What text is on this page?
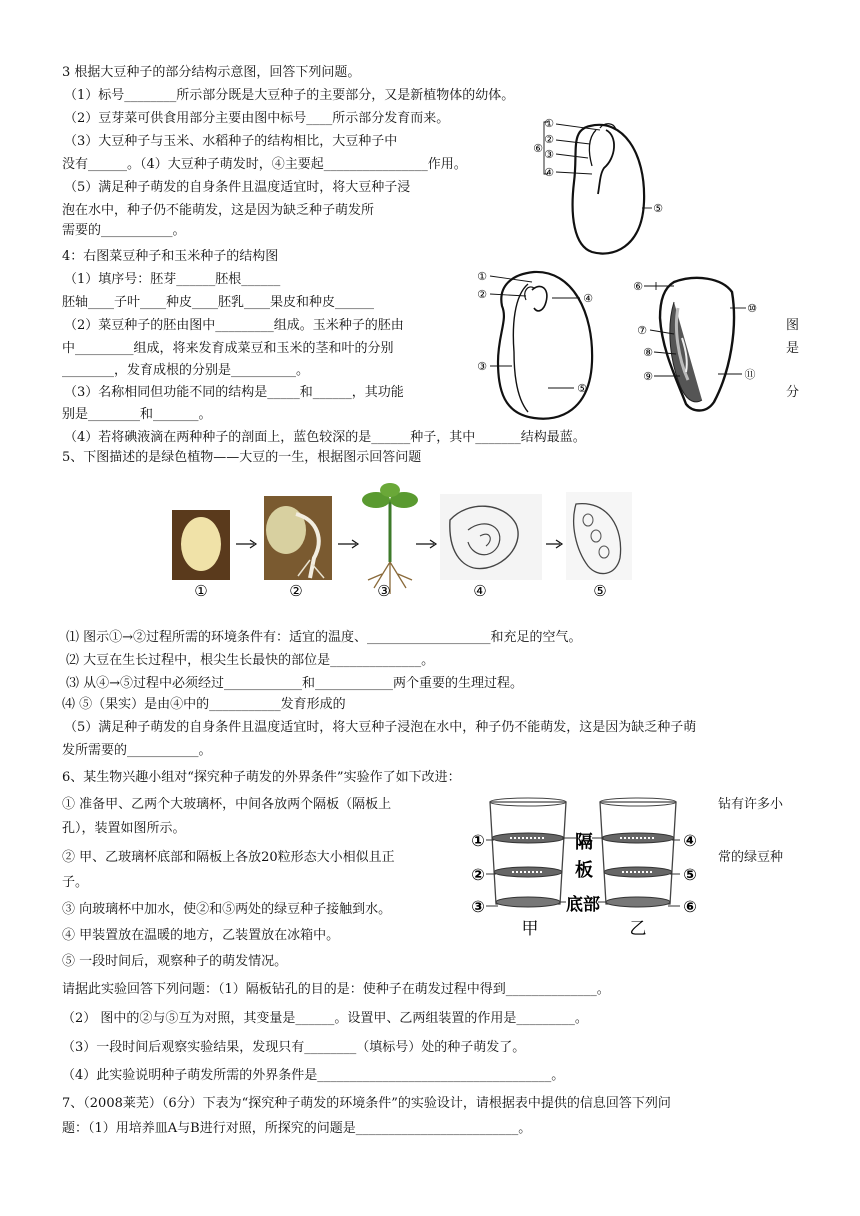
3 根据大豆种子的部分结构示意图，回答下列问题。
（1）标号________所示部分既是大豆种子的主要部分，又是新植物体的幼体。
（2）豆芽菜可供食用部分主要由图中标号____所示部分发育而来。
（3）大豆种子与玉米、水稻种子的结构相比，大豆种子中
没有______。（4）大豆种子萌发时，④主要起________________作用。
（5）满足种子萌发的自身条件且温度适宜时，将大豆种子浸
泡在水中，种子仍不能萌发，这是因为缺乏种子萌发所
需要的___________。
①
②
③
④
⑤
⑥
4：右图菜豆种子和玉米种子的结构图
（1）填序号：胚芽______胚根______
胚轴____子叶____种皮____胚乳____果皮和种皮______
（2）菜豆种子的胚由图中_________组成。玉米种子的胚由
中_________组成，将来发育成菜豆和玉米的茎和叶的分别
________，发育成根的分别是__________。
（3）名称相同但功能不同的结构是_____和______，其功能
别是________和_______。
（4）若将碘液滴在两种种子的剖面上，蓝色较深的是______种子，其中_______结构最蓝。
图
是
分
①
②
③
④
⑤
⑥
⑦
⑧
⑨
⑩
⑪
5、下图描述的是绿色植物——大豆的一生，根据图示回答问题
①	②	③	④	⑤
⑴ 图示①→②过程所需的环境条件有：适宜的温度、___________________和充足的空气。
⑵ 大豆在生长过程中，根尖生长最快的部位是______________。
⑶ 从④→⑤过程中必须经过____________和____________两个重要的生理过程。
⑷ ⑤（果实）是由④中的___________发育形成的
（5）满足种子萌发的自身条件且温度适宜时，将大豆种子浸泡在水中，种子仍不能萌发，这是因为缺乏种子萌
发所需要的___________。
6、某生物兴趣小组对“探究种子萌发的外界条件”实验作了如下改进：
① 准备甲、乙两个大玻璃杯，中间各放两个隔板（隔板上	钻有许多小
孔），装置如图所示。
② 甲、乙玻璃杯底部和隔板上各放20粒形态大小相似且正	常的绿豆种
子。
③ 向玻璃杯中加水，使②和⑤两处的绿豆种子接触到水。
④ 甲装置放在温暖的地方，乙装置放在冰箱中。
⑤ 一段时间后，观察种子的萌发情况。
①
②
③
④
⑤
⑥
隔
板
底部
甲	乙
请据此实验回答下列问题：（1）隔板钻孔的目的是：使种子在萌发过程中得到______________。
（2） 图中的②与⑤互为对照，其变量是______。设置甲、乙两组装置的作用是_________。
（3）一段时间后观察实验结果，发现只有________（填标号）处的种子萌发了。
（4）此实验说明种子萌发所需的外界条件是____________________________________。
7、（2008莱芜）（6分）下表为“探究种子萌发的环境条件”的实验设计，请根据表中提供的信息回答下列问
题：（1）用培养皿A与B进行对照，所探究的问题是_________________________。
